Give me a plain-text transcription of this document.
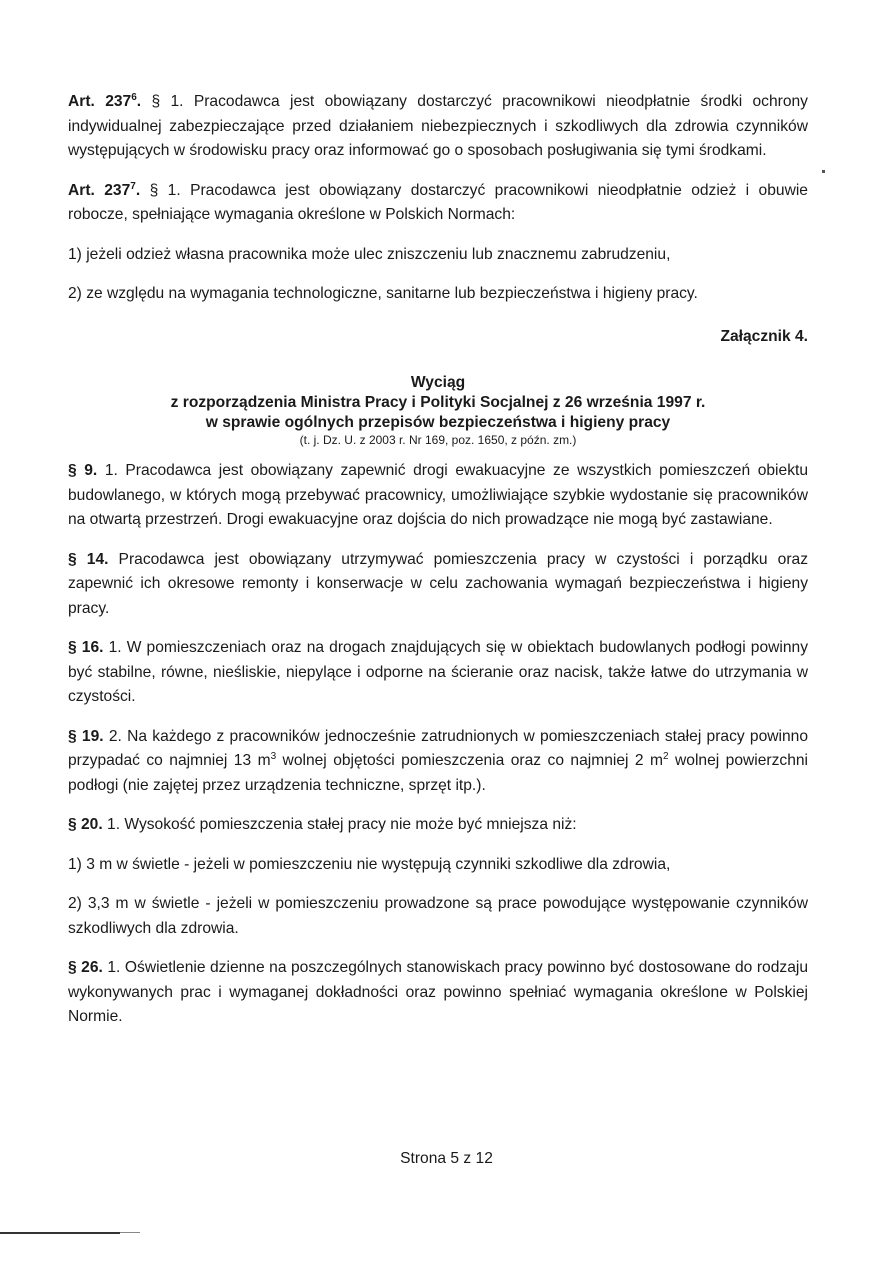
Art. $237^6$. § 1. Pracodawca jest obowiązany dostarczyć pracownikowi nieodpłatnie środki ochrony indywidualnej zabezpieczające przed działaniem niebezpiecznych i szkodliwych dla zdrowia czynników występujących w środowisku pracy oraz informować go o sposobach posługiwania się tymi środkami.

Art. $237^7$. § 1. Pracodawca jest obowiązany dostarczyć pracownikowi nieodpłatnie odzież i obuwie robocze, spełniające wymagania określone w Polskich Normach:

1) jeżeli odzież własna pracownika może ulec zniszczeniu lub znacznemu zabrudzeniu,

2) ze względu na wymagania technologiczne, sanitarne lub bezpieczeństwa i higieny pracy.

Załącznik 4.
Wyciąg
z rozporządzenia Ministra Pracy i Polityki Socjalnej z 26 września 1997 r.
w sprawie ogólnych przepisów bezpieczeństwa i higieny pracy
(t. j. Dz. U. z 2003 r. Nr 169, poz. 1650, z późn. zm.)

§ 9. 1. Pracodawca jest obowiązany zapewnić drogi ewakuacyjne ze wszystkich pomieszczeń obiektu budowlanego, w których mogą przebywać pracownicy, umożliwiające szybkie wydostanie się pracowników na otwartą przestrzeń. Drogi ewakuacyjne oraz dojścia do nich prowadzące nie mogą być zastawiane.

§ 14. Pracodawca jest obowiązany utrzymywać pomieszczenia pracy w czystości i porządku oraz zapewnić ich okresowe remonty i konserwacje w celu zachowania wymagań bezpieczeństwa i higieny pracy.

§ 16. 1. W pomieszczeniach oraz na drogach znajdujących się w obiektach budowlanych podłogi powinny być stabilne, równe, nieśliskie, niepylące i odporne na ścieranie oraz nacisk, także łatwe do utrzymania w czystości.

§ 19. 2. Na każdego z pracowników jednocześnie zatrudnionych w pomieszczeniach stałej pracy powinno przypadać co najmniej 13 $m^3$ wolnej objętości pomieszczenia oraz co najmniej 2 $m^2$ wolnej powierzchni podłogi (nie zajętej przez urządzenia techniczne, sprzęt itp.).

§ 20. 1. Wysokość pomieszczenia stałej pracy nie może być mniejsza niż:

1) 3 m w świetle - jeżeli w pomieszczeniu nie występują czynniki szkodliwe dla zdrowia,

2) 3,3 m w świetle - jeżeli w pomieszczeniu prowadzone są prace powodujące występowanie czynników szkodliwych dla zdrowia.

§ 26. 1. Oświetlenie dzienne na poszczególnych stanowiskach pracy powinno być dostosowane do rodzaju wykonywanych prac i wymaganej dokładności oraz powinno spełniać wymagania określone w Polskiej Normie.

Strona 5 z 12
